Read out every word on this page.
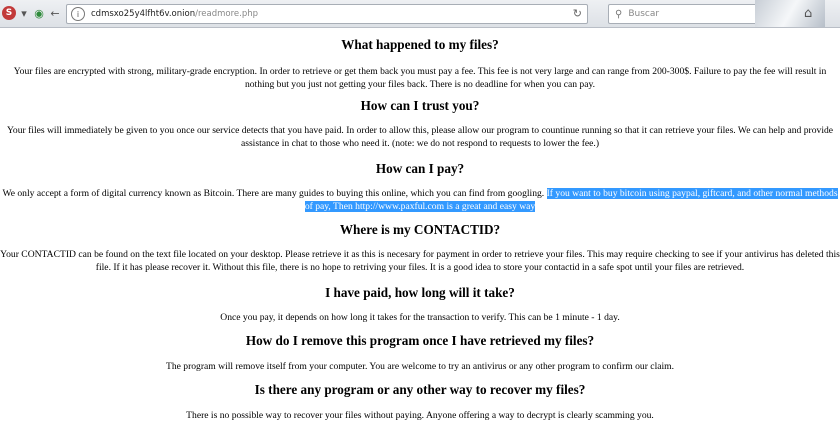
S ▾ ◉ ←	i	cdmsxo25y4lfht6v.onion /readmore.php	↻	⚲ Buscar	⌂
What happened to my files?

Your files are encrypted with strong, military-grade encryption. In order to retrieve or get them back you must pay a fee. This fee is not very large and can range from 200-300$. Failure to pay the fee will result in nothing but you just not getting your files back. There is no deadline for when you can pay.

How can I trust you?

Your files will immediately be given to you once our service detects that you have paid. In order to allow this, please allow our program to countinue running so that it can retrieve your files. We can help and provide assistance in chat to those who need it. (note: we do not respond to requests to lower the fee.)

How can I pay?

We only accept a form of digital currency known as Bitcoin. There are many guides to buying this online, which you can find from googling. If you want to buy bitcoin using paypal, giftcard, and other normal methods of pay, Then http://www.paxful.com is a great and easy way

Where is my CONTACTID?

Your CONTACTID can be found on the text file located on your desktop. Please retrieve it as this is necesary for payment in order to retrieve your files. This may require checking to see if your antivirus has deleted this file. If it has please recover it. Without this file, there is no hope to retriving your files. It is a good idea to store your contactid in a safe spot until your files are retrieved.

I have paid, how long will it take?

Once you pay, it depends on how long it takes for the transaction to verify. This can be 1 minute - 1 day.

How do I remove this program once I have retrieved my files?

The program will remove itself from your computer. You are welcome to try an antivirus or any other program to confirm our claim.

Is there any program or any other way to recover my files?

There is no possible way to recover your files without paying. Anyone offering a way to decrypt is clearly scamming you.
